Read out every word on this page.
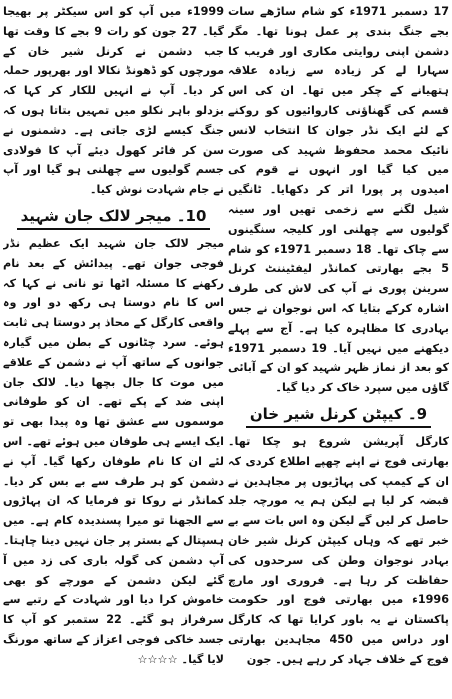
17 دسمبر 1971ء کو شام ساڑھے سات بجے جنگ بندی پر عمل ہونا تھا۔ مگر دشمن اپنی روایتی مکاری اور فریب کا سہارا لے کر زیادہ سے زیادہ علاقہ ہتھیانے کے چکر میں تھا۔ ان کی اس قسم کی گھناؤنی کاروائیوں کو روکنے کے لئے ایک نڈر جوان کا انتخاب لانس نائیک محمد محفوظ شہید کی صورت میں کیا گیا اور انہوں نے قوم کی امیدوں پر پورا اتر کر دکھایا۔ ٹانگیں شیل لگنے سے زخمی تھیں اور سینہ گولیوں سے چھلنی اور کلیجہ سنگینوں سے چاک تھا۔ 18 دسمبر 1971ء کو شام 5 بجے بھارتی کمانڈر لیفٹیننٹ کرنل سرینن پوری نے آپ کی لاش کی طرف اشارہ کرکے بتایا کہ اس نوجوان نے جس بہادری کا مظاہرہ کیا ہے۔ آج سے پہلے دیکھنے میں نہیں آیا۔ 19 دسمبر 1971ء کو بعد از نماز ظہر شہید کو ان کے آبائی گاؤں میں سپرد خاک کر دیا گیا۔

9۔ کیپٹن کرنل شیر خان

کارگل آپریشن شروع ہو چکا تھا۔ بھارتی فوج نے اپنے چھپے اطلاع کردی کہ ان کے کیمپ کی پہاڑیوں پر مجاہدین نے قبضہ کر لیا ہے لیکن ہم یہ مورچہ جلد حاصل کر لیں گے لیکن وہ اس بات سے بے خبر تھے کہ وہاں کیپٹن کرنل شیر خان بہادر نوجوان وطن کی سرحدوں کی حفاظت کر رہا ہے۔ فروری اور مارچ 1996ء میں بھارتی فوج اور حکومت پاکستان نے یہ باور کرایا تھا کہ کارگل اور دراس میں 450 مجاہدین بھارتی فوج کے خلاف جہاد کر رہے ہیں۔ جون

1999ء میں آپ کو اس سیکٹر پر بھیجا گیا۔ 27 جون کو رات 9 بجے کا وقت تھا جب دشمن نے کرنل شیر خان کے مورچوں کو ڈھونڈ نکالا اور بھرپور حملہ کر دیا۔ آپ نے انہیں للکار کر کہا کہ بزدلو باہر نکلو میں تمہیں بتاتا ہوں کہ جنگ کیسے لڑی جاتی ہے۔ دشمنوں نے سن کر فائر کھول دیئے آپ کا فولادی جسم گولیوں سے چھلنی ہو گیا اور آپ نے جام شہادت نوش کیا۔

10۔ میجر لالک جان شہید

میجر لالک جان شہید ایک عظیم نڈر فوجی جوان تھے۔ پیدائش کے بعد نام رکھنے کا مسئلہ اٹھا تو نانی نے کہا کہ اس کا نام دوستا ہی رکھ دو اور وہ واقعی کارگل کے محاذ پر دوستا ہی ثابت ہوئے۔ سرد چٹانوں کے بطن میں گیارہ جوانوں کے ساتھ آپ نے دشمن کے علاقے میں موت کا جال بچھا دیا۔ لالک جان اپنی ضد کے پکے تھے۔ ان کو طوفانی موسموں سے عشق تھا وہ پیدا بھی تو ایک ایسے ہی طوفان میں ہوئے تھے۔ اس لئے ان کا نام طوفان رکھا گیا۔ آپ نے دشمن کو ہر طرف سے بے بس کر دیا۔ کمانڈر نے روکا تو فرمایا کہ ان پہاڑوں سے الجھنا تو میرا پسندیدہ کام ہے۔ میں ہسپتال کے بستر پر جان نہیں دینا چاہتا۔ آپ دشمن کی گولہ باری کی زد میں آ گئے لیکن دشمن کے مورچے کو بھی خاموش کرا دیا اور شہادت کے رتبے سے سرفراز ہو گئے۔ 22 ستمبر کو آپ کا جسد خاکی فوجی اعزاز کے ساتھ مورنگ لایا گیا۔ ☆☆☆☆
